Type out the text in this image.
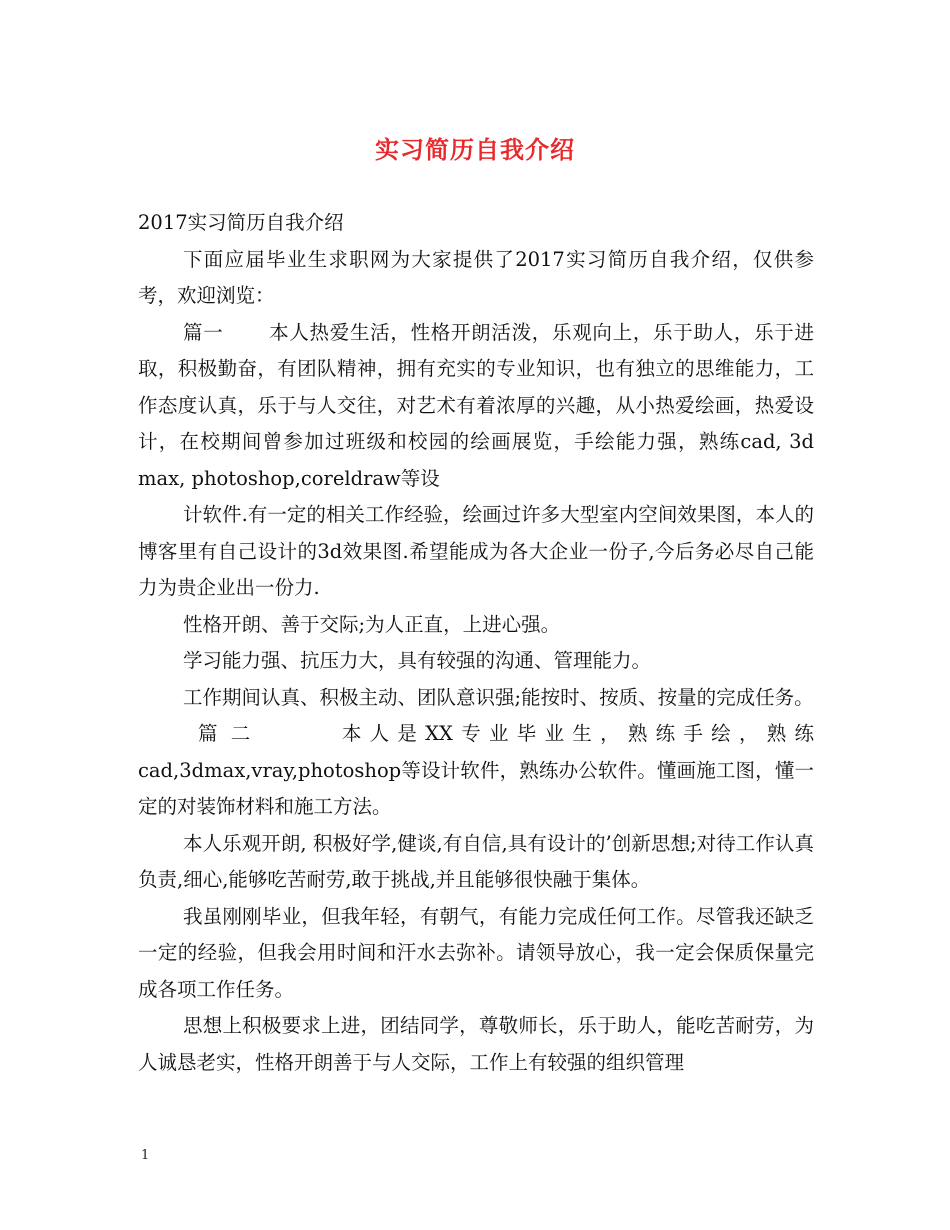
实习简历自我介绍

2017实习简历自我介绍

下面应届毕业生求职网为大家提供了2017实习简历自我介绍，仅供参考，欢迎浏览：

篇一 本人热爱生活，性格开朗活泼，乐观向上，乐于助人，乐于进取，积极勤奋，有团队精神，拥有充实的专业知识，也有独立的思维能力，工作态度认真，乐于与人交往，对艺术有着浓厚的兴趣，从小热爱绘画，热爱设计，在校期间曾参加过班级和校园的绘画展览，手绘能力强，熟练cad, 3d max, photoshop,coreldraw等设

计软件.有一定的相关工作经验，绘画过许多大型室内空间效果图，本人的博客里有自己设计的3d效果图.希望能成为各大企业一份子,今后务必尽自己能力为贵企业出一份力.

性格开朗、善于交际;为人正直，上进心强。

学习能力强、抗压力大，具有较强的沟通、管理能力。

工作期间认真、积极主动、团队意识强;能按时、按质、按量的完成任务。

篇二	本人是XX专业毕业生，熟练手绘，熟练cad,3dmax,vray,photoshop等设计软件，熟练办公软件。懂画施工图，懂一定的对装饰材料和施工方法。

本人乐观开朗, 积极好学,健谈,有自信,具有设计的’创新思想;对待工作认真负责,细心,能够吃苦耐劳,敢于挑战,并且能够很快融于集体。

我虽刚刚毕业，但我年轻，有朝气，有能力完成任何工作。尽管我还缺乏一定的经验，但我会用时间和汗水去弥补。请领导放心，我一定会保质保量完成各项工作任务。

思想上积极要求上进，团结同学，尊敬师长，乐于助人，能吃苦耐劳，为人诚恳老实，性格开朗善于与人交际，工作上有较强的组织管理

1
